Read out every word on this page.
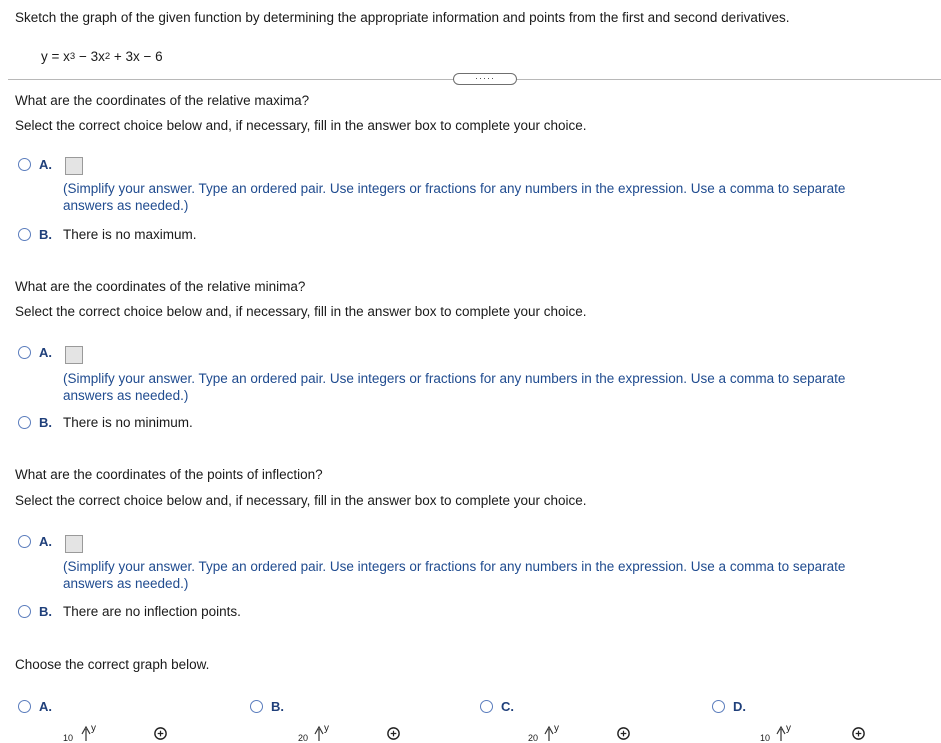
Sketch the graph of the given function by determining the appropriate information and points from the first and second derivatives.
$y = x^3 - 3x^2 + 3x - 6$
·····
What are the coordinates of the relative maxima?
Select the correct choice below and, if necessary, fill in the answer box to complete your choice.
A.
(Simplify your answer. Type an ordered pair. Use integers or fractions for any numbers in the expression. Use a comma to separate
answers as needed.)
B. There is no maximum.
What are the coordinates of the relative minima?
Select the correct choice below and, if necessary, fill in the answer box to complete your choice.
A.
(Simplify your answer. Type an ordered pair. Use integers or fractions for any numbers in the expression. Use a comma to separate
answers as needed.)
B. There is no minimum.
What are the coordinates of the points of inflection?
Select the correct choice below and, if necessary, fill in the answer box to complete your choice.
A.
(Simplify your answer. Type an ordered pair. Use integers or fractions for any numbers in the expression. Use a comma to separate
answers as needed.)
B. There are no inflection points.
Choose the correct graph below.
A.
10
y
B.
20
y
C.
20
y
D.
10
y
